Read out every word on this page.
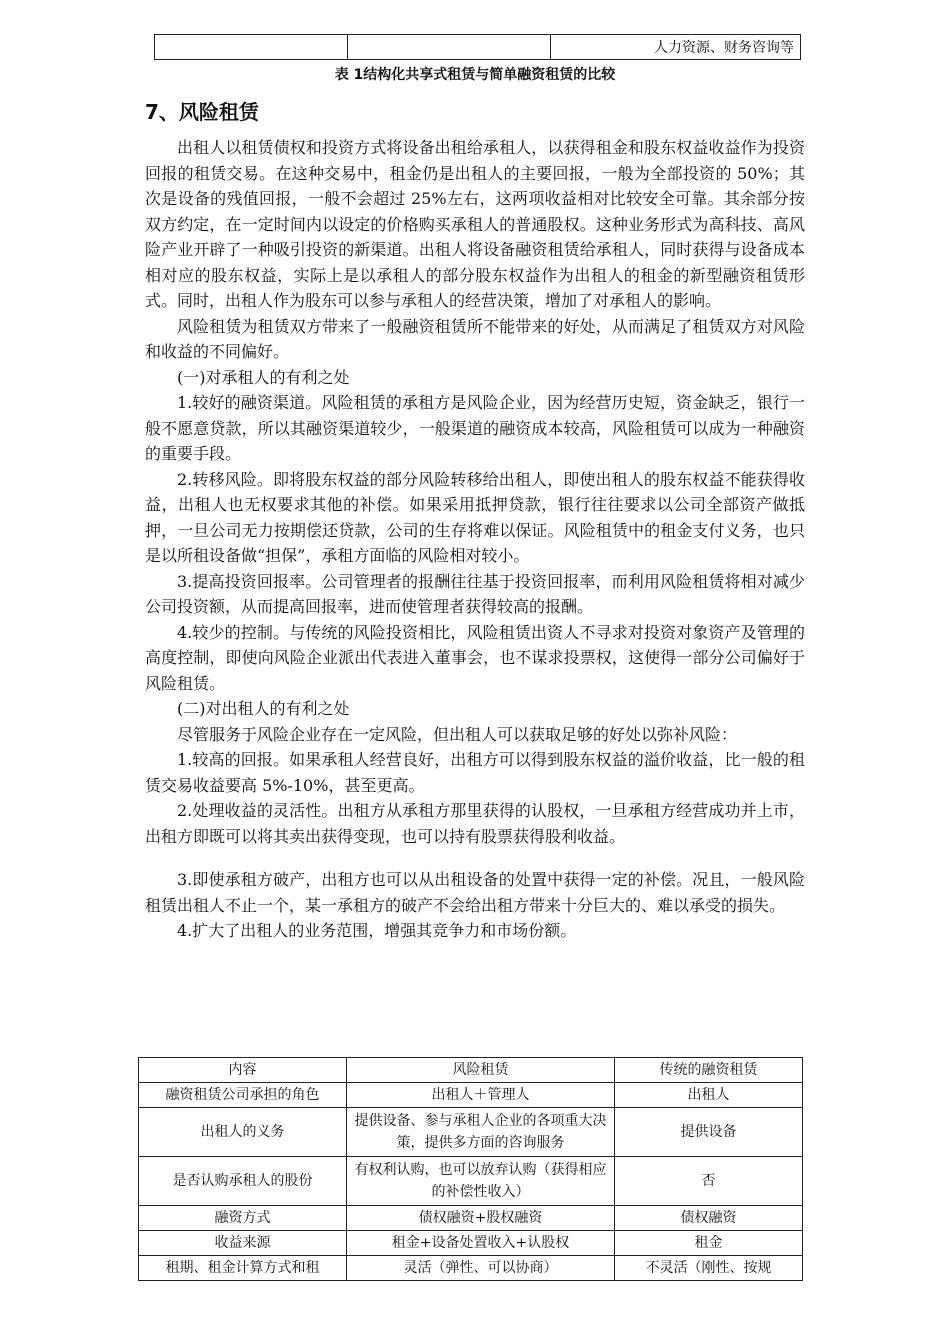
		人力资源、财务咨询等
表 1结构化共享式租赁与简单融资租赁的比较
7、风险租赁

出租人以租赁债权和投资方式将设备出租给承租人，以获得租金和股东权益收益作为投资回报的租赁交易。在这种交易中，租金仍是出租人的主要回报，一般为全部投资的 50%；其次是设备的残值回报，一般不会超过 25%左右，这两项收益相对比较安全可靠。其余部分按双方约定，在一定时间内以设定的价格购买承租人的普通股权。这种业务形式为高科技、高风险产业开辟了一种吸引投资的新渠道。出租人将设备融资租赁给承租人，同时获得与设备成本相对应的股东权益，实际上是以承租人的部分股东权益作为出租人的租金的新型融资租赁形式。同时，出租人作为股东可以参与承租人的经营决策，增加了对承租人的影响。

风险租赁为租赁双方带来了一般融资租赁所不能带来的好处，从而满足了租赁双方对风险和收益的不同偏好。

(一)对承租人的有利之处

1.较好的融资渠道。风险租赁的承租方是风险企业，因为经营历史短，资金缺乏，银行一般不愿意贷款，所以其融资渠道较少，一般渠道的融资成本较高，风险租赁可以成为一种融资的重要手段。

2.转移风险。即将股东权益的部分风险转移给出租人，即使出租人的股东权益不能获得收益，出租人也无权要求其他的补偿。如果采用抵押贷款，银行往往要求以公司全部资产做抵押，一旦公司无力按期偿还贷款，公司的生存将难以保证。风险租赁中的租金支付义务，也只是以所租设备做“担保”，承租方面临的风险相对较小。

3.提高投资回报率。公司管理者的报酬往往基于投资回报率，而利用风险租赁将相对减少公司投资额，从而提高回报率，进而使管理者获得较高的报酬。

4.较少的控制。与传统的风险投资相比，风险租赁出资人不寻求对投资对象资产及管理的高度控制，即使向风险企业派出代表进入董事会，也不谋求投票权，这使得一部分公司偏好于风险租赁。

(二)对出租人的有利之处

尽管服务于风险企业存在一定风险，但出租人可以获取足够的好处以弥补风险：

1.较高的回报。如果承租人经营良好，出租方可以得到股东权益的溢价收益，比一般的租赁交易收益要高 5%-10%，甚至更高。

2.处理收益的灵活性。出租方从承租方那里获得的认股权，一旦承租方经营成功并上市，出租方即既可以将其卖出获得变现，也可以持有股票获得股利收益。

3.即使承租方破产，出租方也可以从出租设备的处置中获得一定的补偿。况且，一般风险租赁出租人不止一个，某一承租方的破产不会给出租方带来十分巨大的、难以承受的损失。

4.扩大了出租人的业务范围，增强其竞争力和市场份额。

内容	风险租赁	传统的融资租赁
融资租赁公司承担的角色	出租人＋管理人	出租人
出租人的义务	提供设备、参与承租人企业的各项重大决策，提供多方面的咨询服务	提供设备
是否认购承租人的股份	有权利认购，也可以放弃认购（获得相应的补偿性收入）	否
融资方式	债权融资+股权融资	债权融资
收益来源	租金+设备处置收入+认股权	租金
租期、租金计算方式和租	灵活（弹性、可以协商）	不灵活（刚性、按规
